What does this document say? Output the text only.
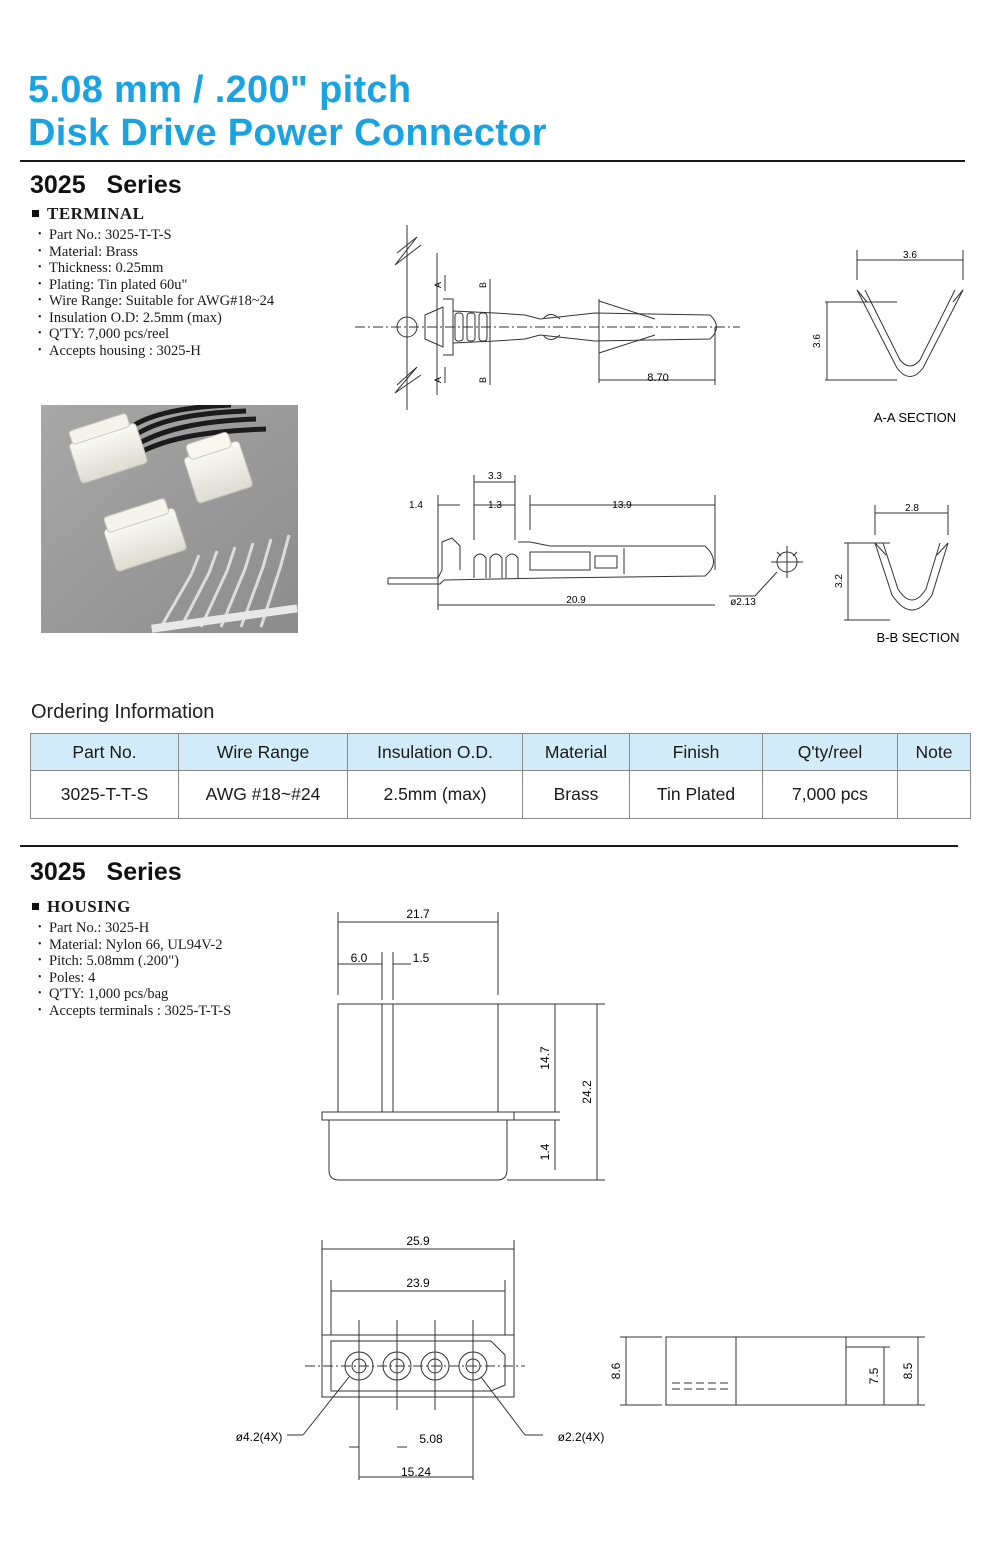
5.08 mm / .200" pitch
Disk Drive Power Connector
3025 Series
TERMINAL
• Part No.: 3025-T-T-S
• Material: Brass
• Thickness: 0.25mm
• Plating: Tin plated 60u"
• Wire Range: Suitable for AWG#18~24
• Insulation O.D: 2.5mm (max)
• Q'TY: 7,000 pcs/reel
• Accepts housing : 3025-H
A
A
B
B	8.70
3.6
3.6
A-A SECTION
3.3
1.4	1.3	13.9
20.9	ø2.13
2.8
3.2
B-B SECTION
Ordering Information
Part No.	Wire Range	Insulation O.D.	Material	Finish	Q'ty/reel	Note
3025-T-T-S	AWG #18~#24	2.5mm (max)	Brass	Tin Plated	7,000 pcs	
3025 Series
HOUSING
• Part No.: 3025-H
• Material: Nylon 66, UL94V-2
• Pitch: 5.08mm (.200")
• Poles: 4
• Q'TY: 1,000 pcs/bag
• Accepts terminals : 3025-T-T-S
21.7
6.0	1.5
14.7
24.2
1.4
25.9
23.9
ø4.2(4X)	ø2.2(4X)
5.08
15.24
8.6	7.5 8.5
